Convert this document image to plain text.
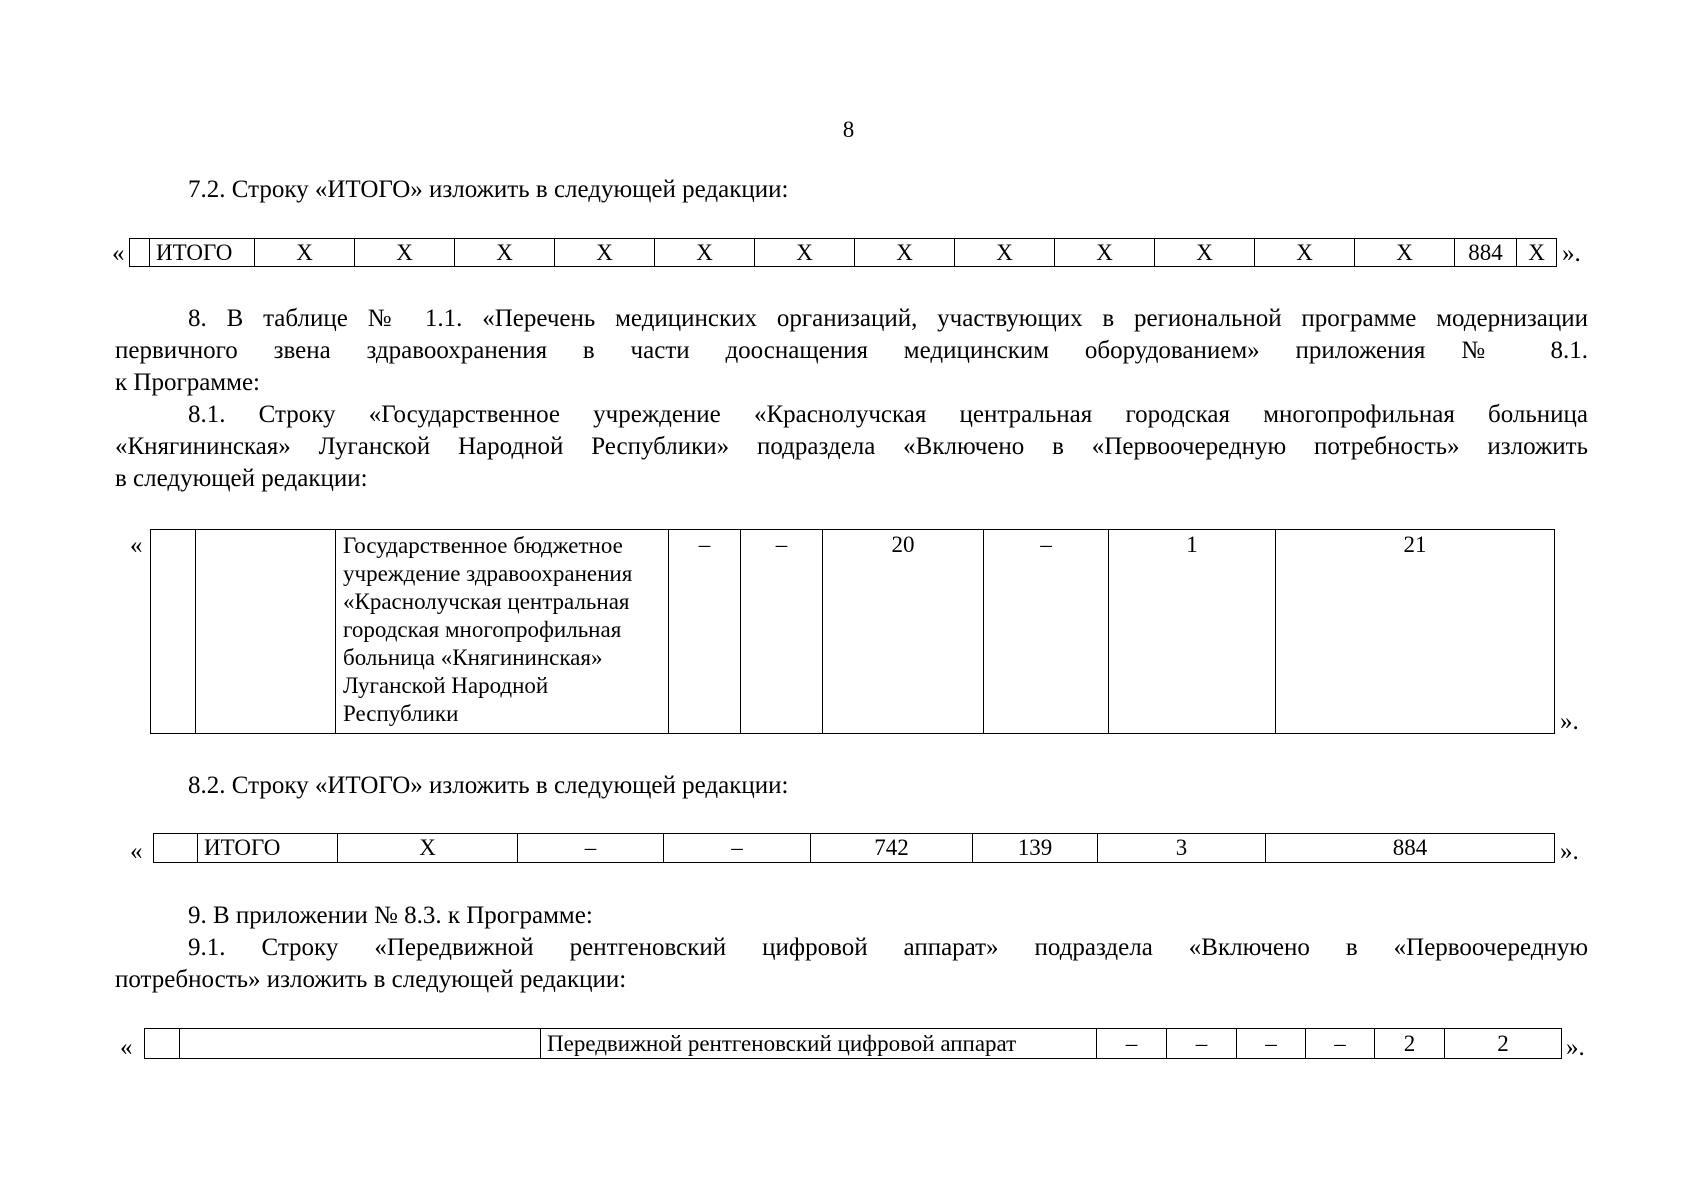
8
7.2. Строку «ИТОГО» изложить в следующей редакции:
«
	ИТОГО	Х	Х	Х	Х	Х	Х	Х	Х	Х	Х	Х	Х	884	Х ».
8. В таблице № 1.1. «Перечень медицинских организаций, участвующих в региональной программе модернизации
первичного звена здравоохранения в части дооснащения медицинским оборудованием» приложения № 8.1.
к Программе:
8.1. Строку «Государственное учреждение «Краснолучская центральная городская многопрофильная больница
«Княгининская» Луганской Народной Республики» подраздела «Включено в «Первоочередную потребность» изложить
в следующей редакции:
«
			Государственное бюджетное
учреждение здравоохранения
«Краснолучская центральная
городская многопрофильная
больница «Княгининская»
Луганской Народной
Республики
	–	–	20	–	1	21
».
8.2. Строку «ИТОГО» изложить в следующей редакции:
«
		ИТОГО	Х	–	–	742	139	3	884	».
9. В приложении № 8.3. к Программе:
9.1. Строку «Передвижной рентгеновский цифровой аппарат» подраздела «Включено в «Первоочередную
потребность» изложить в следующей редакции:
«
			Передвижной рентгеновский цифровой аппарат	–	–	–	–	2	2 ».
